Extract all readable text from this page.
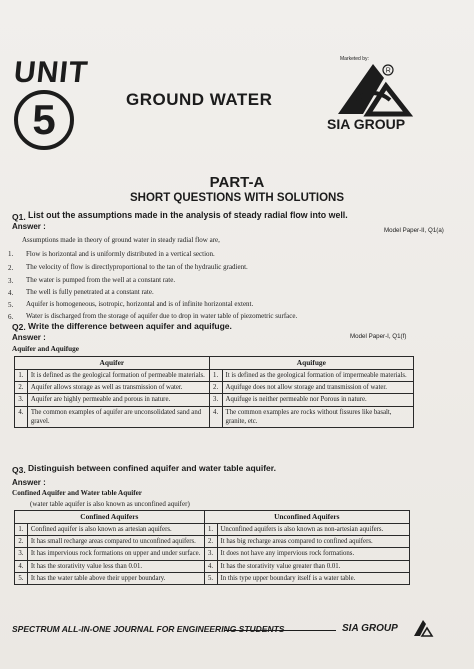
UNIT
5	GROUND WATER
Marketed by:
R
SIA GROUP
PART-A
SHORT QUESTIONS WITH SOLUTIONS
Q1. List out the assumptions made in the analysis of steady radial flow into well.
Answer :	Model Paper-II, Q1(a)
Assumptions made in theory of ground water in steady radial flow are,
1. Flow is horizontal and is uniformly distributed in a vertical section.
2. The velocity of flow is directlyproportional to the tan of the hydraulic gradient.
3. The water is pumped from the well at a constant rate.
4. The well is fully penetrated at a constant rate.
5. Aquifer is homogeneous, isotropic, horizontal and is of infinite horizontal extent.
6. Water is discharged from the storage of aquifer due to drop in water table of piezometric surface.
Q2. Write the difference between aquifer and aquifuge.
Answer :	Model Paper-I, Q1(f)
Aquifer and Aquifuge
Aquifer		Aquifuge	
1.	It is defined as the geological formation of permeable materials.	1.	It is defined as the geological formation of impermeable materials.
2.	Aquifer allows storage as well as transmission of water.	2.	Aquifuge does not allow storage and transmission of water.
3.	Aquifer are highly permeable and porous in nature.	3.	Aquifuge is neither permeable nor Porous in nature.
4.	The common examples of aquifer are unconsolidated sand and gravel.	4.	The common examples are rocks without fissures like basalt, granite, etc.
Q3. Distinguish between confined aquifer and water table aquifer.
Answer :
Confined Aquifer and Water table Aquifer
(water table aquifer is also known as unconfined aquifer)
Confined Aquifers		Unconfined Aquifers	
1.	Confined aquifer is also known as artesian aquifers.	1.	Unconfined aquifers is also known as non-artesian aquifers.
2.	It has small recharge areas compared to unconfined aquifers.	2.	It has big recharge areas compared to confined aquifers.
3.	It has impervious rock formations on upper and under surface.	3.	It does not have any impervious rock formations.
4.	It has the storativity value less than 0.01.	4.	It has the storativity value greater than 0.01.
5.	It has the water table above their upper boundary.	5.	In this type upper boundary itself is a water table.
SPECTRUM ALL-IN-ONE JOURNAL FOR ENGINEERING STUDENTS	SIA GROUP
